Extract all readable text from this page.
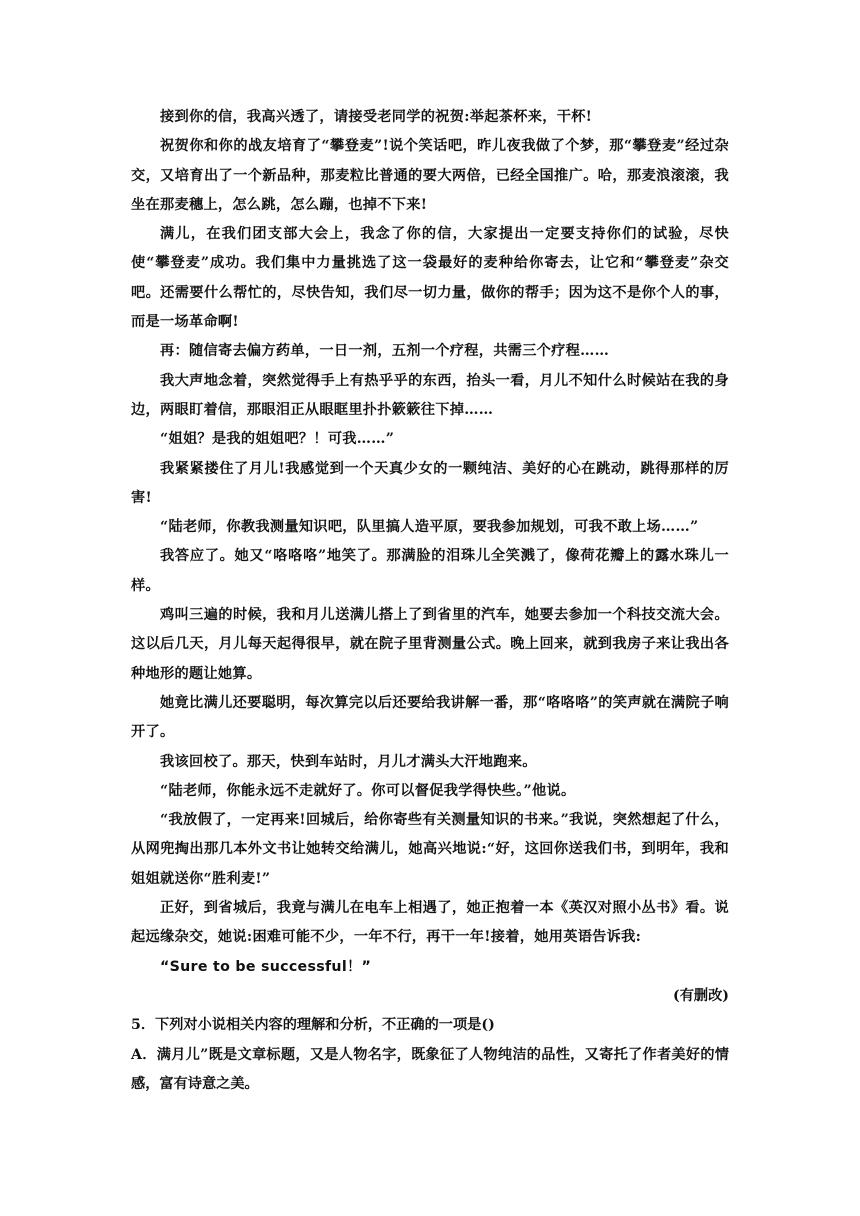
接到你的信，我高兴透了，请接受老同学的祝贺:举起茶杯来，干杯!

祝贺你和你的战友培育了“攀登麦”!说个笑话吧，昨儿夜我做了个梦，那“攀登麦”经过杂交，又培育出了一个新品种，那麦粒比普通的要大两倍，已经全国推广。哈，那麦浪滚滚，我坐在那麦穗上，怎么跳，怎么蹦，也掉不下来!

满儿，在我们团支部大会上，我念了你的信，大家提出一定要支持你们的试验，尽快使“攀登麦”成功。我们集中力量挑选了这一袋最好的麦种给你寄去，让它和“攀登麦”杂交吧。还需要什么帮忙的，尽快告知，我们尽一切力量，做你的帮手；因为这不是你个人的事，而是一场革命啊!

再：随信寄去偏方药单，一日一剂，五剂一个疗程，共需三个疗程……

我大声地念着，突然觉得手上有热乎乎的东西，抬头一看，月儿不知什么时候站在我的身边，两眼盯着信，那眼泪正从眼眶里扑扑簌簌往下掉……

“姐姐？是我的姐姐吧？！可我……”

我紧紧搂住了月儿!我感觉到一个天真少女的一颗纯洁、美好的心在跳动，跳得那样的厉害!

“陆老师，你教我测量知识吧，队里搞人造平原，要我参加规划，可我不敢上场……”

我答应了。她又“咯咯咯”地笑了。那满脸的泪珠儿全笑溅了，像荷花瓣上的露水珠儿一样。

鸡叫三遍的时候，我和月儿送满儿搭上了到省里的汽车，她要去参加一个科技交流大会。这以后几天，月儿每天起得很早，就在院子里背测量公式。晚上回来，就到我房子来让我出各种地形的题让她算。

她竟比满儿还要聪明，每次算完以后还要给我讲解一番，那“咯咯咯”的笑声就在满院子响开了。

我该回校了。那天，快到车站时，月儿才满头大汗地跑来。

“陆老师，你能永远不走就好了。你可以督促我学得快些。”他说。

“我放假了，一定再来!回城后，给你寄些有关测量知识的书来。”我说，突然想起了什么，从网兜掏出那几本外文书让她转交给满儿，她高兴地说:“好，这回你送我们书，到明年，我和姐姐就送你“胜利麦!”

正好，到省城后，我竟与满儿在电车上相遇了，她正抱着一本《英汉对照小丛书》看。说起远缘杂交，她说:困难可能不少，一年不行，再干一年!接着，她用英语告诉我:

“Sure to be successful！”

(有删改)

5．下列对小说相关内容的理解和分析，不正确的一项是()

A．满月儿”既是文章标题，又是人物名字，既象征了人物纯洁的品性，又寄托了作者美好的情感，富有诗意之美。
